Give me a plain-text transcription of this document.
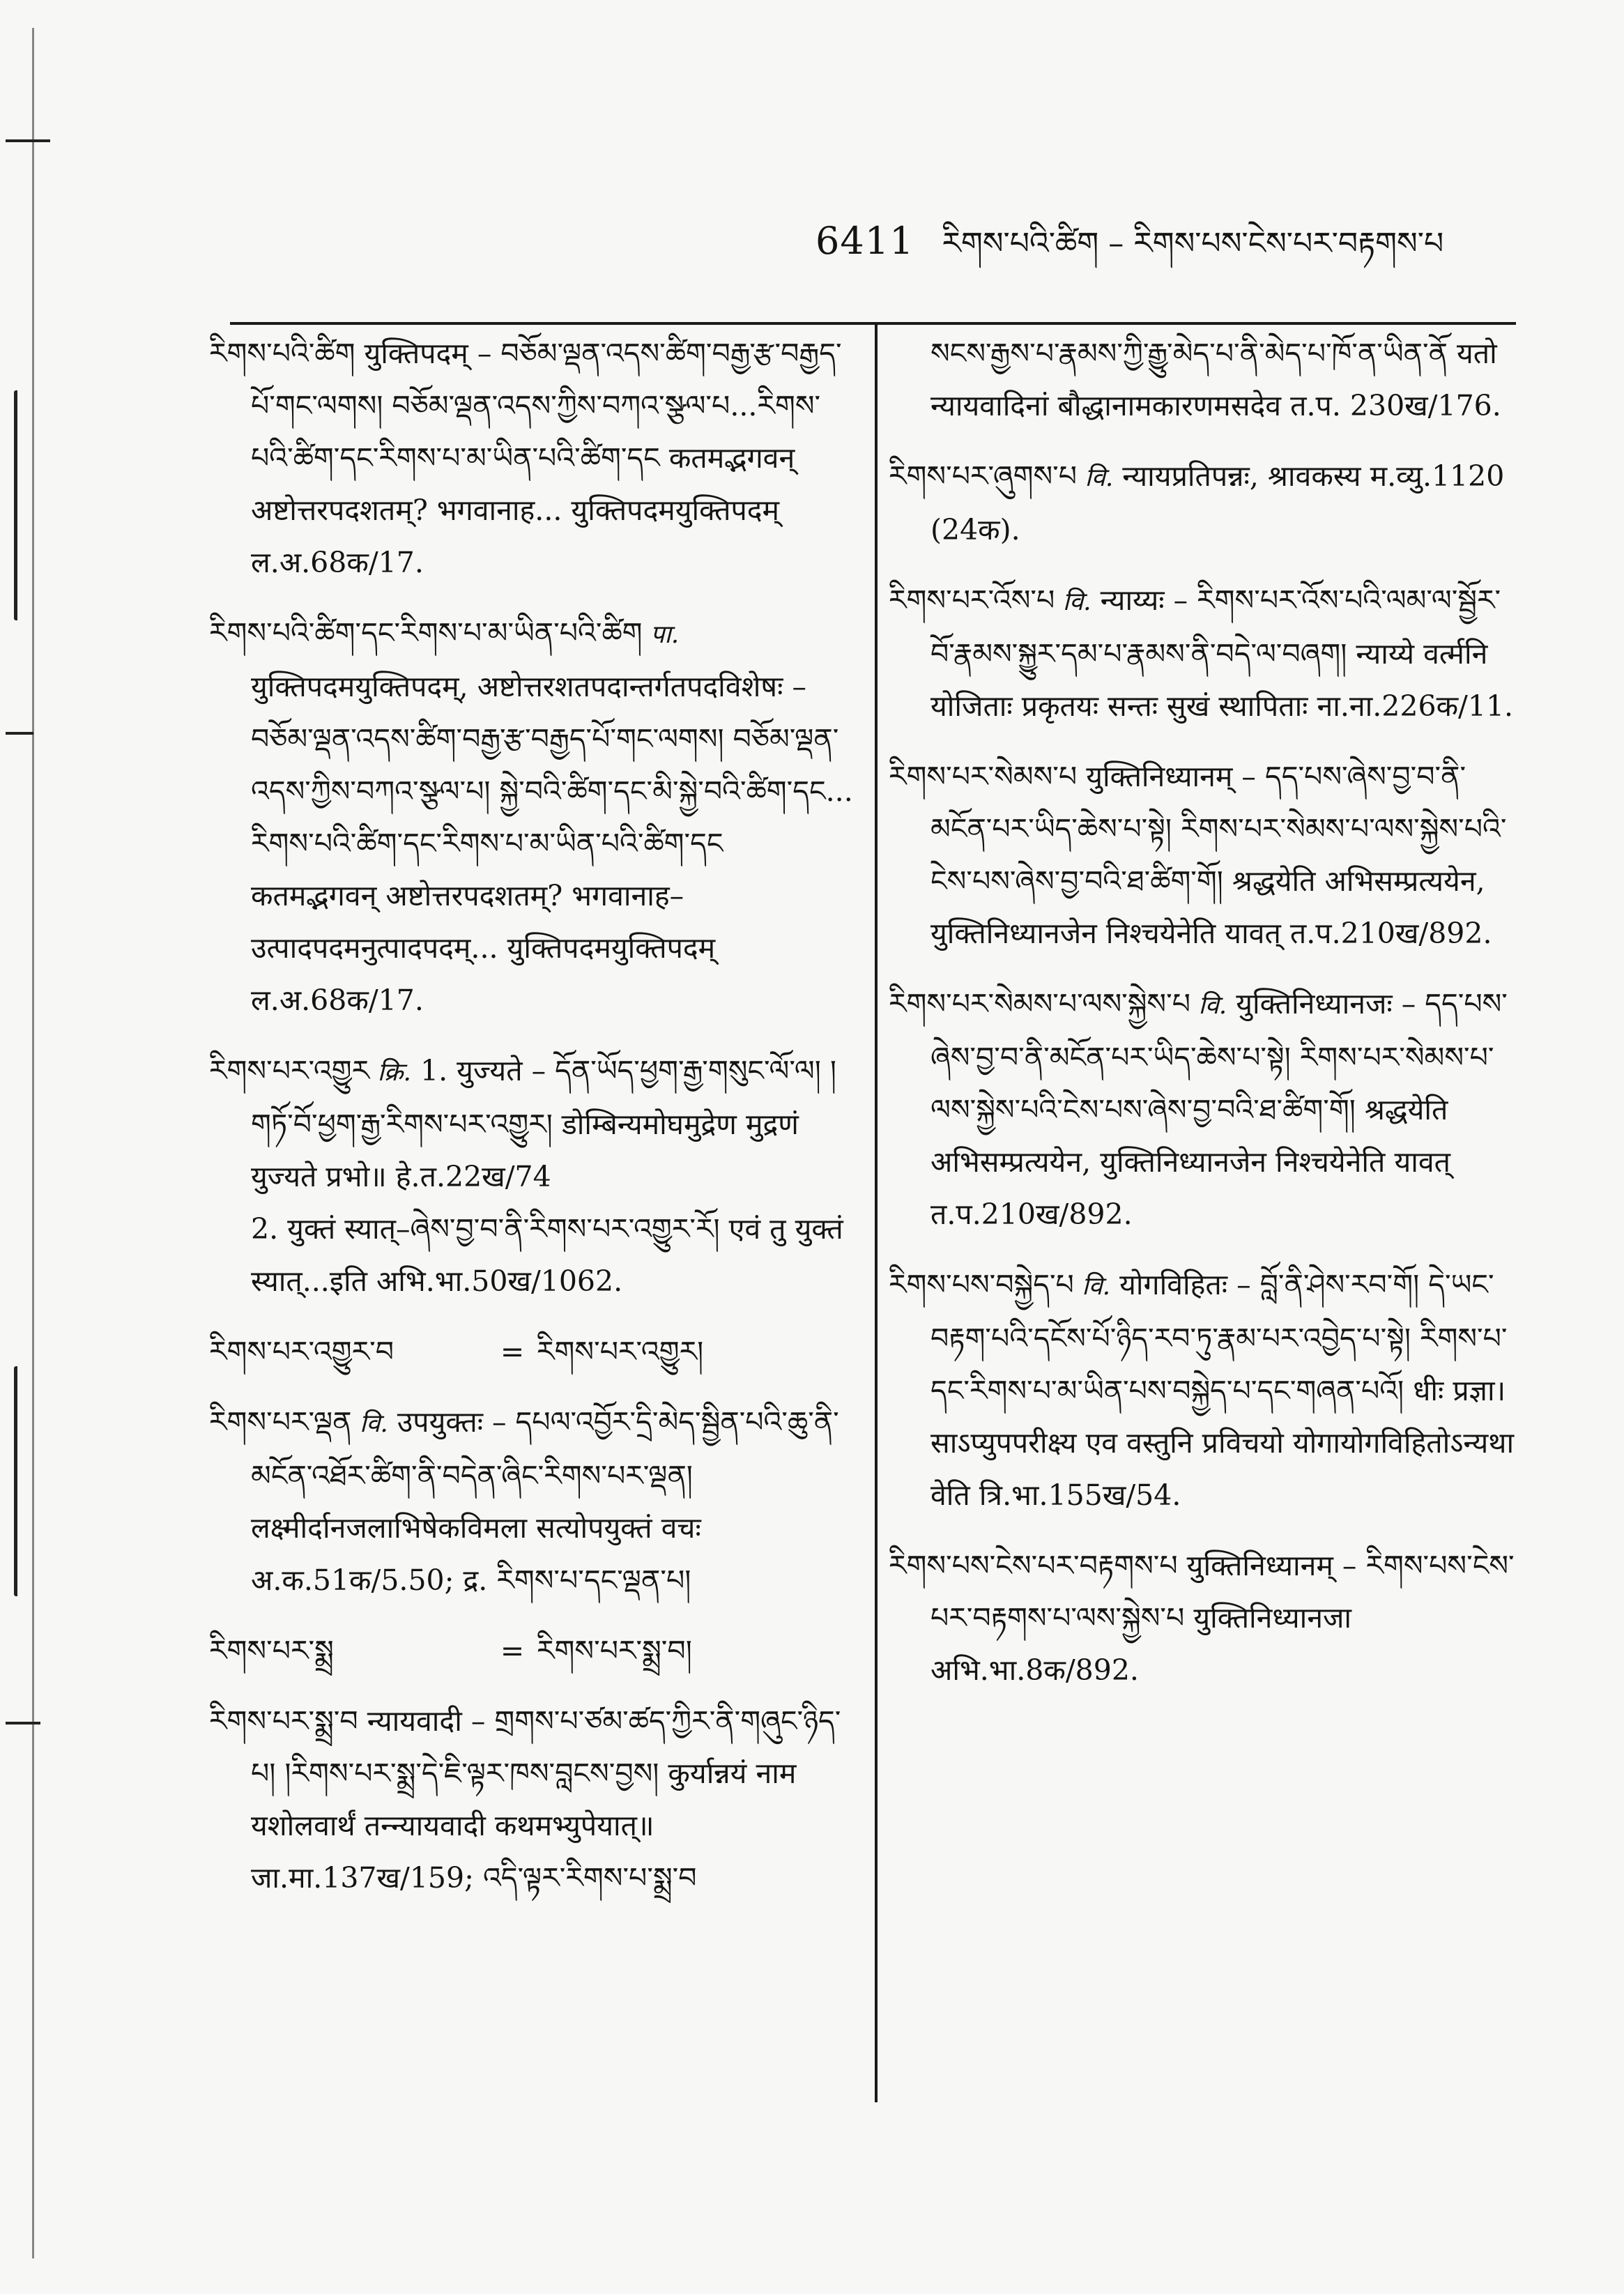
6411 རིགས་པའི་ཚིག – རིགས་པས་ངེས་པར་བརྟགས་པ

རིགས་པའི་ཚིག युक्तिपदम् – བཅོམ་ལྡན་འདས་ཚིག་བརྒྱ་རྩ་བརྒྱད་པོ་གང་ལགས། བཅོམ་ལྡན་འདས་ཀྱིས་བཀའ་སྩལ་པ...རིགས་པའི་ཚིག་དང་རིགས་པ་མ་ཡིན་པའི་ཚིག་དང कतमद्भगवन् अष्टोत्तरपदशतम्? भगवानाह... युक्तिपदमयुक्तिपदम् ल.अ.68क/17.

རིགས་པའི་ཚིག་དང་རིགས་པ་མ་ཡིན་པའི་ཚིག पा. युक्तिपदमयुक्तिपदम्, अष्टोत्तरशतपदान्तर्गतपदविशेषः – བཅོམ་ལྡན་འདས་ཚིག་བརྒྱ་རྩ་བརྒྱད་པོ་གང་ལགས། བཅོམ་ལྡན་འདས་ཀྱིས་བཀའ་སྩལ་པ། སྐྱེ་བའི་ཚིག་དང་མི་སྐྱེ་བའི་ཚིག་དང... རིགས་པའི་ཚིག་དང་རིགས་པ་མ་ཡིན་པའི་ཚིག་དང कतमद्भगवन् अष्टोत्तरपदशतम्? भगवानाह–उत्पादपदमनुत्पादपदम्... युक्तिपदमयुक्तिपदम् ल.अ.68क/17.

རིགས་པར་འགྱུར क्रि. 1. युज्यते – དོན་ཡོད་ཕྱག་རྒྱ་གསུང་ལོ་ལ། །གཏོ་བོ་ཕྱག་རྒྱ་རིགས་པར་འགྱུར། डोम्बिन्यमोघमुद्रेण मुद्रणं युज्यते प्रभो॥ हे.त.22ख/74

2. युक्तं स्यात्–ཞེས་བྱ་བ་ནི་རིགས་པར་འགྱུར་རོ། एवं तु युक्तं स्यात्...इति अभि.भा.50ख/1062.

རིགས་པར་འགྱུར་བ	= རིགས་པར་འགྱུར།

རིགས་པར་ལྡན वि. उपयुक्तः – དཔལ་འབྱོར་དྲི་མེད་སྦྱིན་པའི་ཆུ་ནི་མངོན་འཐོར་ཚིག་ནི་བདེན་ཞིང་རིགས་པར་ལྡན། लक्ष्मीर्दानजलाभिषेकविमला सत्योपयुक्तं वचः अ.क.51क/5.50; द्र. རིགས་པ་དང་ལྡན་པ།

རིགས་པར་སྨྲ	= རིགས་པར་སྨྲ་བ།

རིགས་པར་སྨྲ་བ न्यायवादी – གྲགས་པ་ཙམ་ཚད་ཀྱིར་ནི་གཞུང་ཉིད་པ། །རིགས་པར་སྨྲ་དེ་ཇི་ལྟར་ཁས་བླངས་བྱས། कुर्यान्नयं नाम यशोलवार्थं तन्न्यायवादी कथमभ्युपेयात्॥ जा.मा.137ख/159; འདི་ལྟར་རིགས་པ་སྨྲ་བ

སངས་རྒྱས་པ་རྣམས་ཀྱི་རྒྱུ་མེད་པ་ནི་མེད་པ་ཁོ་ན་ཡིན་ནོ यतो न्यायवादिनां बौद्धानामकारणमसदेव त.प. 230ख/176.

རིགས་པར་ཞུགས་པ वि. न्यायप्रतिपन्नः, श्रावकस्य म.व्यु.1120 (24क).

རིགས་པར་འོས་པ वि. न्याय्यः – རིགས་པར་འོས་པའི་ལམ་ལ་སྦྱོར་བོ་རྣམས་སྐྱུར་དམ་པ་རྣམས་ནི་བདེ་ལ་བཞག། न्याय्ये वर्त्मनि योजिताः प्रकृतयः सन्तः सुखं स्थापिताः ना.ना.226क/11.

རིགས་པར་སེམས་པ युक्तिनिध्यानम् – དད་པས་ཞེས་བྱ་བ་ནི་མངོན་པར་ཡིད་ཆེས་པ་སྟེ། རིགས་པར་སེམས་པ་ལས་སྐྱེས་པའི་ངེས་པས་ཞེས་བྱ་བའི་ཐ་ཚིག་གོ། श्रद्धयेति अभिसम्प्रत्ययेन, युक्तिनिध्यानजेन निश्चयेनेति यावत् त.प.210ख/892.

རིགས་པར་སེམས་པ་ལས་སྐྱེས་པ वि. युक्तिनिध्यानजः – དད་པས་ཞེས་བྱ་བ་ནི་མངོན་པར་ཡིད་ཆེས་པ་སྟེ། རིགས་པར་སེམས་པ་ལས་སྐྱེས་པའི་ངེས་པས་ཞེས་བྱ་བའི་ཐ་ཚིག་གོ། श्रद्धयेति अभिसम्प्रत्ययेन, युक्तिनिध्यानजेन निश्चयेनेति यावत् त.प.210ख/892.

རིགས་པས་བསྐྱེད་པ वि. योगविहितः – བློ་ནི་ཤེས་རབ་གོ། དེ་ཡང་བརྟག་པའི་དངོས་པོ་ཉིད་རབ་ཏུ་རྣམ་པར་འབྱེད་པ་སྟེ། རིགས་པ་དང་རིགས་པ་མ་ཡིན་པས་བསྐྱེད་པ་དང་གཞན་པའོ། धीः प्रज्ञा। साऽप्युपपरीक्ष्य एव वस्तुनि प्रविचयो योगायोगविहितोऽन्यथा वेति त्रि.भा.155ख/54.

རིགས་པས་ངེས་པར་བརྟགས་པ युक्तिनिध्यानम् – རིགས་པས་ངེས་པར་བརྟགས་པ་ལས་སྐྱེས་པ युक्तिनिध्यानजा अभि.भा.8क/892.
